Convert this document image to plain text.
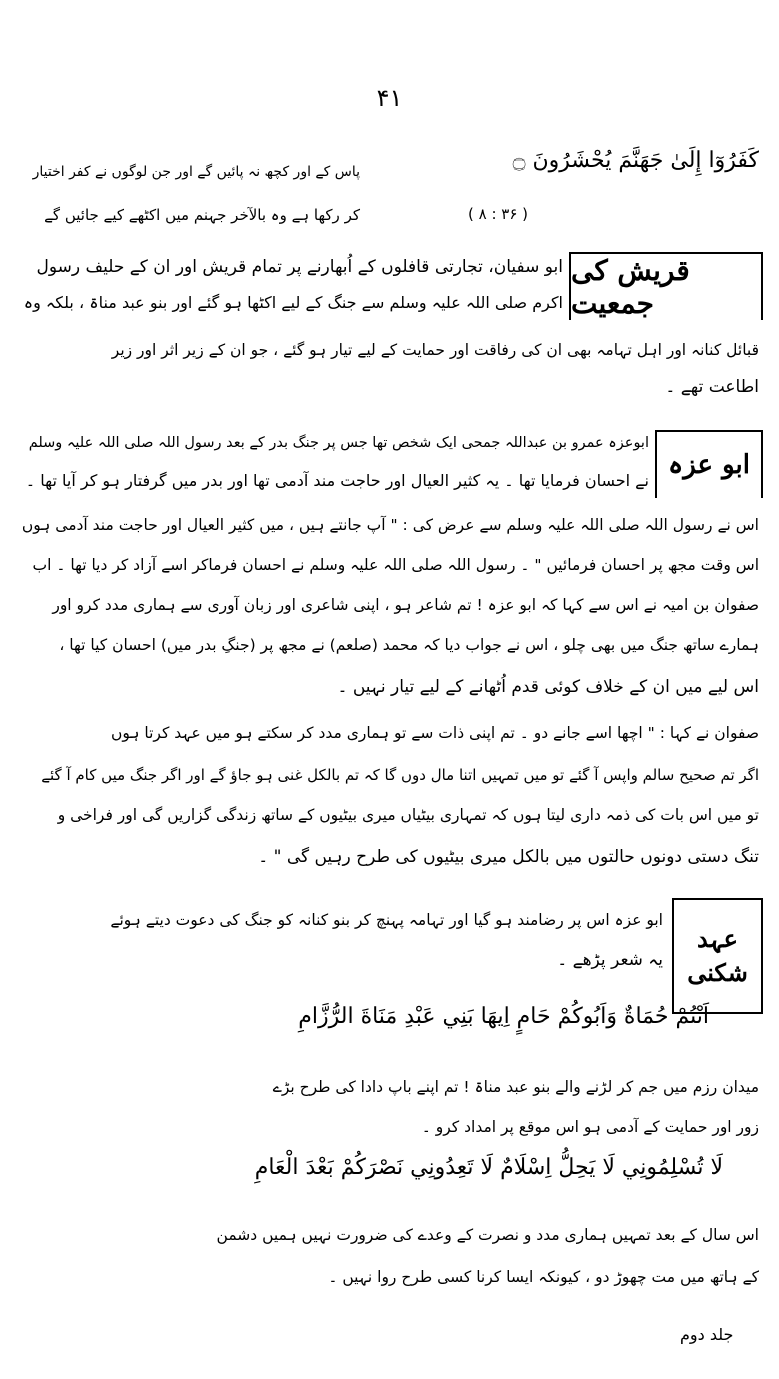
۴۱
كَفَرُوٓا إِلَىٰ جَهَنَّمَ يُحْشَرُونَ ۝
( ۸ : ۳۶ )
پاس کے اور کچھ نہ پائیں گے اور جن لوگوں نے کفر اختیار
کر رکھا ہے وہ بالآخر جہنم میں اکٹھے کیے جائیں گے
قریش کی جمعیت
ابو سفیان، تجارتی قافلوں کے اُبھارنے پر تمام قریش اور ان کے حلیف رسول
اکرم صلی اللہ علیہ وسلم سے جنگ کے لیے اکٹھا ہو گئے اور بنو عبد مناۃ ، بلکہ وہ
قبائل کنانہ اور اہل تہامہ بھی ان کی رفاقت اور حمایت کے لیے تیار ہو گئے ، جو ان کے زیر اثر اور زیر
اطاعت تھے ۔
ابو عزہ
ابوعزہ عمرو بن عبداللہ جمحی ایک شخص تھا جس پر جنگ بدر کے بعد رسول اللہ صلی اللہ علیہ وسلم
نے احسان فرمایا تھا ۔ یہ کثیر العیال اور حاجت مند آدمی تھا اور بدر میں گرفتار ہو کر آیا تھا ۔
اس نے رسول اللہ صلی اللہ علیہ وسلم سے عرض کی : " آپ جانتے ہیں ، میں کثیر العیال اور حاجت مند آدمی ہوں
اس وقت مجھ پر احسان فرمائیں " ۔ رسول اللہ صلی اللہ علیہ وسلم نے احسان فرماکر اسے آزاد کر دیا تھا ۔ اب
صفوان بن امیہ نے اس سے کہا کہ ابو عزہ ! تم شاعر ہو ، اپنی شاعری اور زبان آوری سے ہماری مدد کرو اور
ہمارے ساتھ جنگ میں بھی چلو ، اس نے جواب دیا کہ محمد (صلعم) نے مجھ پر (جنگِ بدر میں) احسان کیا تھا ،
اس لیے میں ان کے خلاف کوئی قدم اُٹھانے کے لیے تیار نہیں ۔
صفوان نے کہا : " اچھا اسے جانے دو ۔ تم اپنی ذات سے تو ہماری مدد کر سکتے ہو میں عہد کرتا ہوں
اگر تم صحیح سالم واپس آ گئے تو میں تمہیں اتنا مال دوں گا کہ تم بالکل غنی ہو جاؤ گے اور اگر جنگ میں کام آ گئے
تو میں اس بات کی ذمہ داری لیتا ہوں کہ تمہاری بیٹیاں میری بیٹیوں کے ساتھ زندگی گزاریں گی اور فراخی و
تنگ دستی دونوں حالتوں میں بالکل میری بیٹیوں کی طرح رہیں گی " ۔
عہد شکنی
ابو عزہ اس پر رضامند ہو گیا اور تہامہ پہنچ کر بنو کنانہ کو جنگ کی دعوت دیتے ہوئے
یہ شعر پڑھے ۔
اَنْتُمْ حُمَاةٌ وَاَبُوكُمْ حَامٍ اِيهَا بَنِي عَبْدِ مَنَاةَ الرُّزَّامِ
میدان رزم میں جم کر لڑنے والے بنو عبد مناۃ ! تم اپنے باپ دادا کی طرح بڑے
زور اور حمایت کے آدمی ہو اس موقع پر امداد کرو ۔
لَا تُسْلِمُونِي لَا يَحِلُّ اِسْلَامٌ لَا تَعِدُونِي نَصْرَكُمْ بَعْدَ الْعَامِ
اس سال کے بعد تمہیں ہماری مدد و نصرت کے وعدے کی ضرورت نہیں ہمیں دشمن
کے ہاتھ میں مت چھوڑ دو ، کیونکہ ایسا کرنا کسی طرح روا نہیں ۔
جلد دوم
